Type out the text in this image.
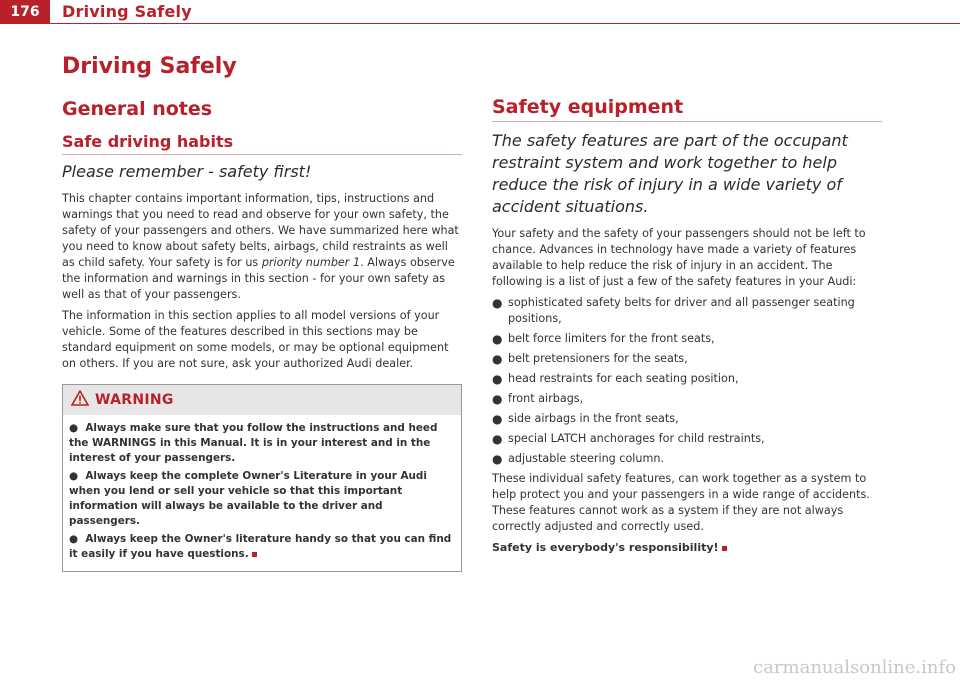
176	Driving Safely
Driving Safely
General notes
Safe driving habits
Please remember - safety first!

This chapter contains important information, tips, instructions and warnings that you need to read and observe for your own safety, the safety of your passengers and others. We have summarized here what you need to know about safety belts, airbags, child restraints as well as child safety. Your safety is for us priority number 1. Always observe the information and warnings in this section - for your own safety as well as that of your passengers.

The information in this section applies to all model versions of your vehicle. Some of the features described in this sections may be standard equipment on some models, or may be optional equipment on others. If you are not sure, ask your authorized Audi dealer.

WARNING
●  Always make sure that you follow the instructions and heed the WARNINGS in this Manual. It is in your interest and in the interest of your passengers.
●  Always keep the complete Owner's Literature in your Audi when you lend or sell your vehicle so that this important information will always be available to the driver and passengers.
●  Always keep the Owner's literature handy so that you can find it easily if you have questions.
Safety equipment
The safety features are part of the occupant restraint system and work together to help reduce the risk of injury in a wide variety of accident situations.

Your safety and the safety of your passengers should not be left to chance. Advances in technology have made a variety of features available to help reduce the risk of injury in an accident. The following is a list of just a few of the safety features in your Audi:

● sophisticated safety belts for driver and all passenger seating positions,
● belt force limiters for the front seats,
● belt pretensioners for the seats,
● head restraints for each seating position,
● front airbags,
● side airbags in the front seats,
● special LATCH anchorages for child restraints,
● adjustable steering column.

These individual safety features, can work together as a system to help protect you and your passengers in a wide range of accidents. These features cannot work as a system if they are not always correctly adjusted and correctly used.

Safety is everybody's responsibility!
carmanualsonline.info
